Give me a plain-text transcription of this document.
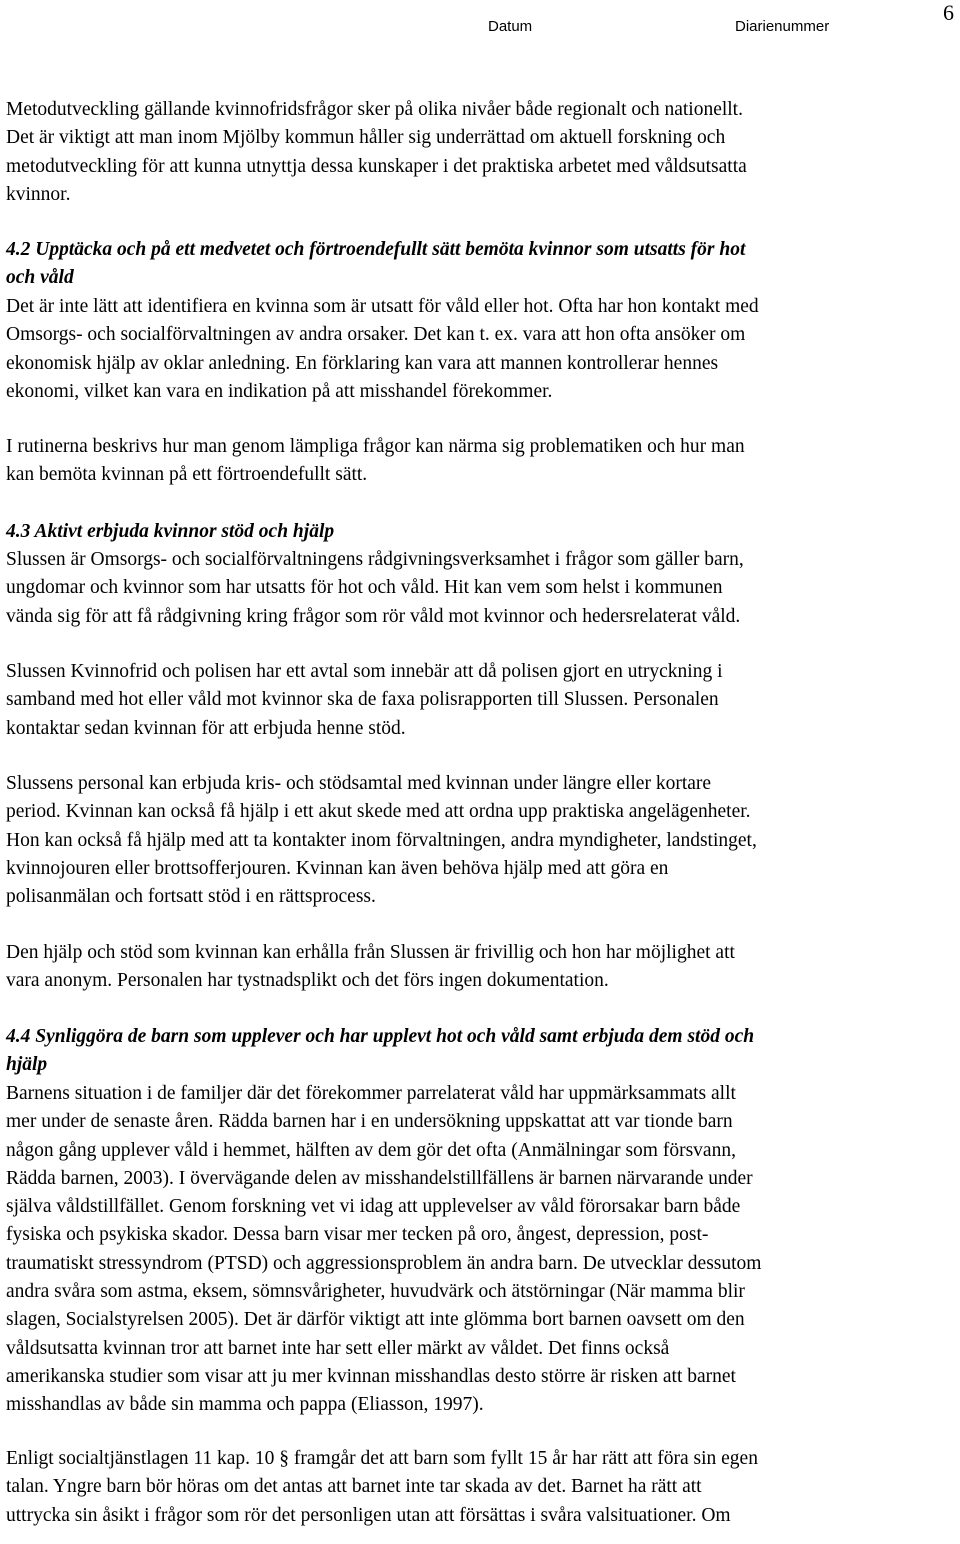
Datum	Diarienummer
6
Metodutveckling gällande kvinnofridsfrågor sker på olika nivåer både regionalt och nationellt.
Det är viktigt att man inom Mjölby kommun håller sig underrättad om aktuell forskning och
metodutveckling för att kunna utnyttja dessa kunskaper i det praktiska arbetet med våldsutsatta
kvinnor.
4.2 Upptäcka och på ett medvetet och förtroendefullt sätt bemöta kvinnor som utsatts för hot
och våld
Det är inte lätt att identifiera en kvinna som är utsatt för våld eller hot. Ofta har hon kontakt med
Omsorgs- och socialförvaltningen av andra orsaker. Det kan t. ex. vara att hon ofta ansöker om
ekonomisk hjälp av oklar anledning. En förklaring kan vara att mannen kontrollerar hennes
ekonomi, vilket kan vara en indikation på att misshandel förekommer.
I rutinerna beskrivs hur man genom lämpliga frågor kan närma sig problematiken och hur man
kan bemöta kvinnan på ett förtroendefullt sätt.
4.3 Aktivt erbjuda kvinnor stöd och hjälp
Slussen är Omsorgs- och socialförvaltningens rådgivningsverksamhet i frågor som gäller barn,
ungdomar och kvinnor som har utsatts för hot och våld. Hit kan vem som helst i kommunen
vända sig för att få rådgivning kring frågor som rör våld mot kvinnor och hedersrelaterat våld.
Slussen Kvinnofrid och polisen har ett avtal som innebär att då polisen gjort en utryckning i
samband med hot eller våld mot kvinnor ska de faxa polisrapporten till Slussen. Personalen
kontaktar sedan kvinnan för att erbjuda henne stöd.
Slussens personal kan erbjuda kris- och stödsamtal med kvinnan under längre eller kortare
period. Kvinnan kan också få hjälp i ett akut skede med att ordna upp praktiska angelägenheter.
Hon kan också få hjälp med att ta kontakter inom förvaltningen, andra myndigheter, landstinget,
kvinnojouren eller brottsofferjouren. Kvinnan kan även behöva hjälp med att göra en
polisanmälan och fortsatt stöd i en rättsprocess.
Den hjälp och stöd som kvinnan kan erhålla från Slussen är frivillig och hon har möjlighet att
vara anonym. Personalen har tystnadsplikt och det förs ingen dokumentation.
4.4 Synliggöra de barn som upplever och har upplevt hot och våld samt erbjuda dem stöd och
hjälp
Barnens situation i de familjer där det förekommer parrelaterat våld har uppmärksammats allt
mer under de senaste åren. Rädda barnen har i en undersökning uppskattat att var tionde barn
någon gång upplever våld i hemmet, hälften av dem gör det ofta (Anmälningar som försvann,
Rädda barnen, 2003). I övervägande delen av misshandelstillfällens är barnen närvarande under
själva våldstillfället. Genom forskning vet vi idag att upplevelser av våld förorsakar barn både
fysiska och psykiska skador. Dessa barn visar mer tecken på oro, ångest, depression, post-
traumatiskt stressyndrom (PTSD) och aggressionsproblem än andra barn. De utvecklar dessutom
andra svåra som astma, eksem, sömnsvårigheter, huvudvärk och ätstörningar (När mamma blir
slagen, Socialstyrelsen 2005). Det är därför viktigt att inte glömma bort barnen oavsett om den
våldsutsatta kvinnan tror att barnet inte har sett eller märkt av våldet. Det finns också
amerikanska studier som visar att ju mer kvinnan misshandlas desto större är risken att barnet
misshandlas av både sin mamma och pappa (Eliasson, 1997).
Enligt socialtjänstlagen 11 kap. 10 § framgår det att barn som fyllt 15 år har rätt att föra sin egen
talan. Yngre barn bör höras om det antas att barnet inte tar skada av det. Barnet ha rätt att
uttrycka sin åsikt i frågor som rör det personligen utan att försättas i svåra valsituationer. Om
